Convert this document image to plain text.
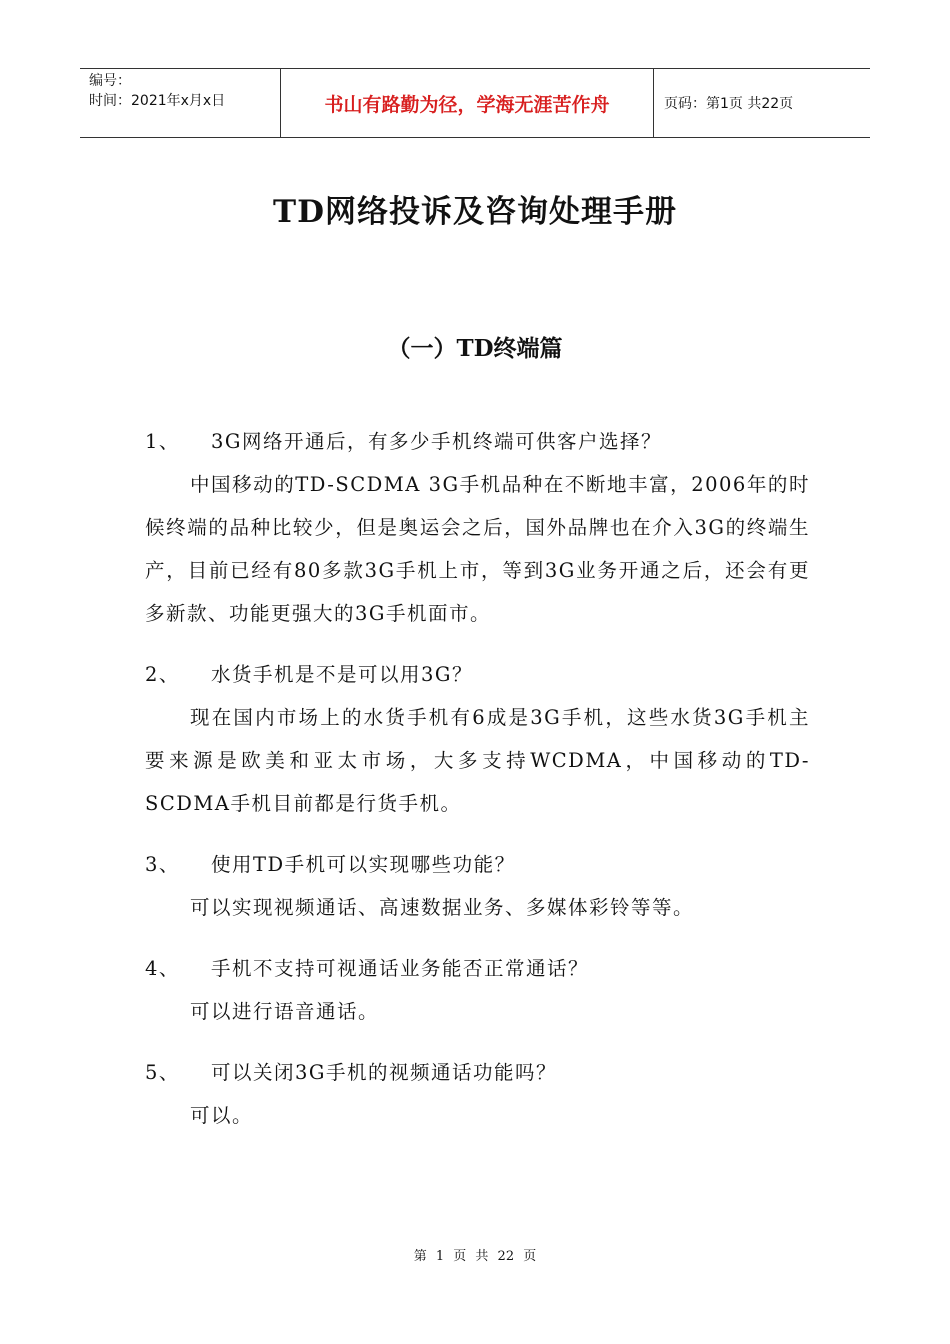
编号：
时间：2021年x月x日	书山有路勤为径，学海无涯苦作舟	页码：第1页 共22页
TD网络投诉及咨询处理手册
（一）TD终端篇
1、	3G网络开通后，有多少手机终端可供客户选择？
中国移动的TD-SCDMA 3G手机品种在不断地丰富，2006年的时候终端的品种比较少，但是奥运会之后，国外品牌也在介入3G的终端生产，目前已经有80多款3G手机上市，等到3G业务开通之后，还会有更多新款、功能更强大的3G手机面市。
2、	水货手机是不是可以用3G？
现在国内市场上的水货手机有6成是3G手机，这些水货3G手机主要来源是欧美和亚太市场，大多支持WCDMA，中国移动的TD-SCDMA手机目前都是行货手机。
3、	使用TD手机可以实现哪些功能？
可以实现视频通话、高速数据业务、多媒体彩铃等等。
4、	手机不支持可视通话业务能否正常通话？
可以进行语音通话。
5、	可以关闭3G手机的视频通话功能吗？
可以。
第 1 页 共 22 页
